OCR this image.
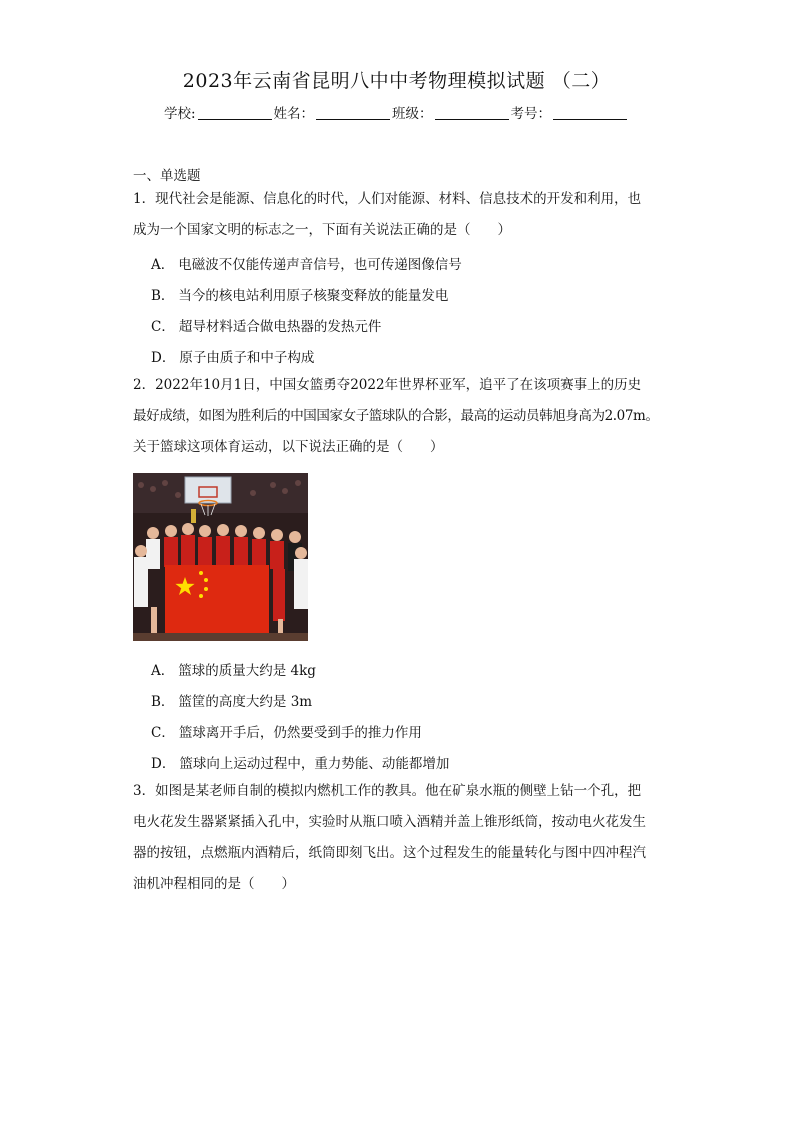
2023年云南省昆明八中中考物理模拟试题 （二）
学校:	姓名：	班级：	考号：
一、单选题
1．现代社会是能源、信息化的时代，人们对能源、材料、信息技术的开发和利用，也
成为一个国家文明的标志之一，下面有关说法正确的是（　　）
A． 电磁波不仅能传递声音信号，也可传递图像信号
B． 当今的核电站利用原子核聚变释放的能量发电
C． 超导材料适合做电热器的发热元件
D． 原子由质子和中子构成
2．2022年10月1日，中国女篮勇夺2022年世界杯亚军，追平了在该项赛事上的历史
最好成绩，如图为胜利后的中国国家女子篮球队的合影，最高的运动员韩旭身高为2.07m。
关于篮球这项体育运动，以下说法正确的是（　　）
A． 篮球的质量大约是 4kg
B． 篮筐的高度大约是 3m
C． 篮球离开手后，仍然要受到手的推力作用
D． 篮球向上运动过程中，重力势能、动能都增加
3．如图是某老师自制的模拟内燃机工作的教具。他在矿泉水瓶的侧壁上钻一个孔，把
电火花发生器紧紧插入孔中，实验时从瓶口喷入酒精并盖上锥形纸筒，按动电火花发生
器的按钮，点燃瓶内酒精后，纸筒即刻飞出。这个过程发生的能量转化与图中四冲程汽
油机冲程相同的是（　　）
